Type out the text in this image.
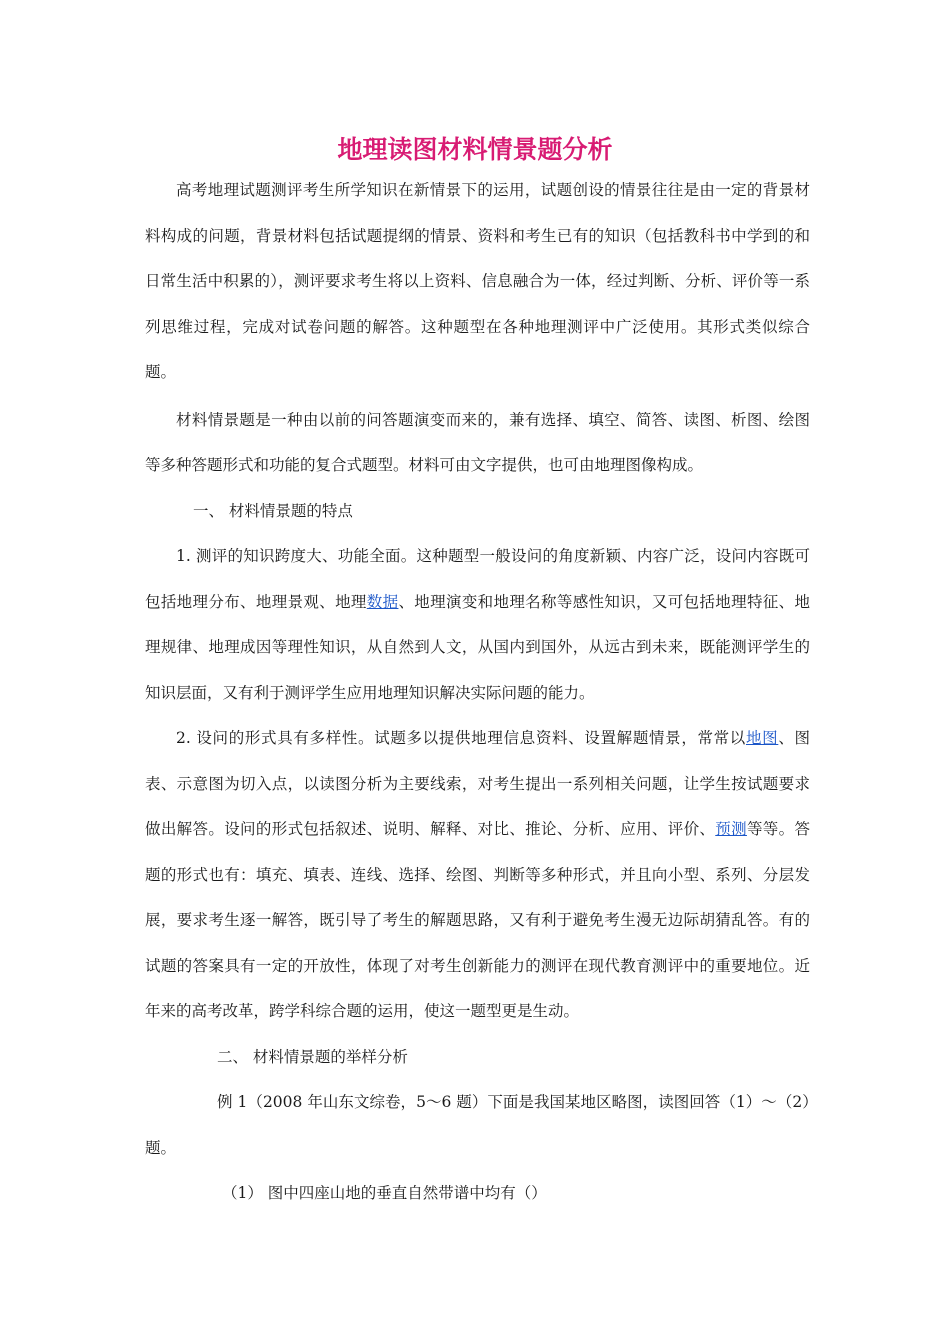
地理读图材料情景题分析

高考地理试题测评考生所学知识在新情景下的运用，试题创设的情景往往是由一定的背景材料构成的问题，背景材料包括试题提纲的情景、资料和考生已有的知识（包括教科书中学到的和日常生活中积累的），测评要求考生将以上资料、信息融合为一体，经过判断、分析、评价等一系列思维过程，完成对试卷问题的解答。这种题型在各种地理测评中广泛使用。其形式类似综合题。

材料情景题是一种由以前的问答题演变而来的，兼有选择、填空、简答、读图、析图、绘图等多种答题形式和功能的复合式题型。材料可由文字提供，也可由地理图像构成。

一、 材料情景题的特点

1. 测评的知识跨度大、功能全面。这种题型一般设问的角度新颖、内容广泛，设问内容既可包括地理分布、地理景观、地理数据、地理演变和地理名称等感性知识，又可包括地理特征、地理规律、地理成因等理性知识，从自然到人文，从国内到国外，从远古到未来，既能测评学生的知识层面，又有利于测评学生应用地理知识解决实际问题的能力。

2. 设问的形式具有多样性。试题多以提供地理信息资料、设置解题情景，常常以地图、图表、示意图为切入点，以读图分析为主要线索，对考生提出一系列相关问题，让学生按试题要求做出解答。设问的形式包括叙述、说明、解释、对比、推论、分析、应用、评价、预测等等。答题的形式也有：填充、填表、连线、选择、绘图、判断等多种形式，并且向小型、系列、分层发展，要求考生逐一解答，既引导了考生的解题思路，又有利于避免考生漫无边际胡猜乱答。有的试题的答案具有一定的开放性，体现了对考生创新能力的测评在现代教育测评中的重要地位。近年来的高考改革，跨学科综合题的运用，使这一题型更是生动。

二、 材料情景题的举样分析

例 1（2008 年山东文综卷，5～6 题）下面是我国某地区略图，读图回答（1）～（2）题。

（1） 图中四座山地的垂直自然带谱中均有（）
